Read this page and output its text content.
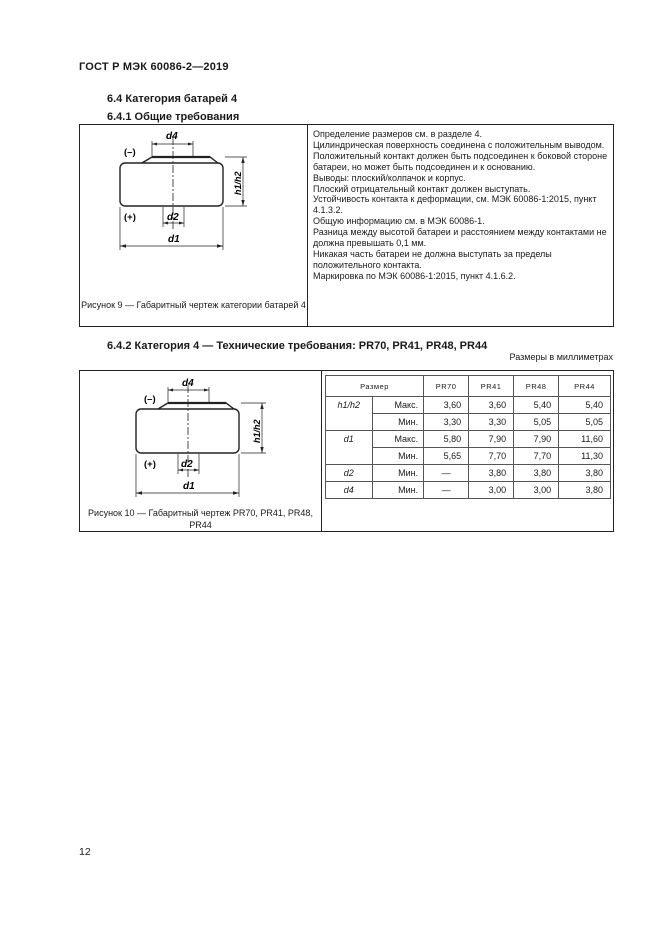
ГОСТ Р МЭК 60086-2—2019
6.4 Категория батарей 4
6.4.1 Общие требования
d4
(–)
(+)	d2
d1
h1/h2
Рисунок 9 — Габаритный чертеж категории батарей 4

Определение размеров см. в разделе 4.

Цилиндрическая поверхность соединена с положительным выводом. Положительный контакт должен быть подсоединен к боковой стороне батареи, но может быть подсоединен и к основанию.

Выводы: плоский/колпачок и корпус.

Плоский отрицательный контакт должен выступать.

Устойчивость контакта к деформации, см. МЭК 60086-1:2015, пункт 4.1.3.2.

Общую информацию см. в МЭК 60086-1.

Разница между высотой батареи и расстоянием между контактами не должна превышать 0,1 мм.

Никакая часть батареи не должна выступать за пределы положительного контакта.

Маркировка по МЭК 60086-1:2015, пункт 4.1.6.2.

6.4.2 Категория 4 — Технические требования: PR70, PR41, PR48, PR44
Размеры в миллиметрах
d4
(–)
(+)	d2
d1
h1/h2
Рисунок 10 — Габаритный чертеж PR70, PR41, PR48, PR44
Размер		PR70	PR41	PR48	PR44
h1/h2	Макс.	3,60	3,60	5,40	5,40
	Мин.	3,30	3,30	5,05	5,05
d1	Макс.	5,80	7,90	7,90	11,60
	Мин.	5,65	7,70	7,70	11,30
d2	Мин.	—	3,80	3,80	3,80
d4	Мин.	—	3,00	3,00	3,80
12
